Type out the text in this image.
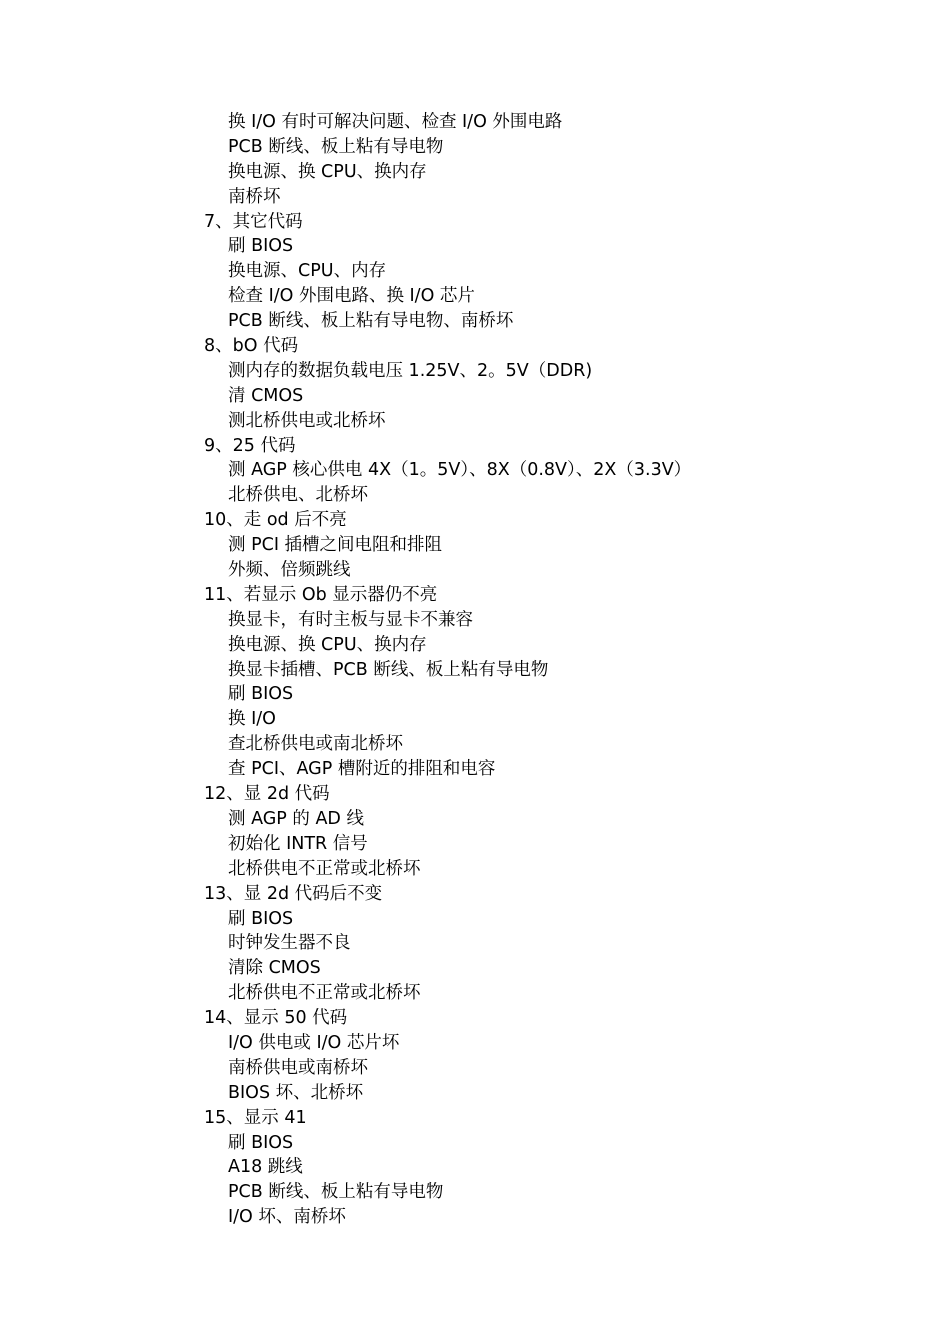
换 I/O 有时可解决问题、检查 I/O 外围电路
PCB 断线、板上粘有导电物
换电源、换 CPU、换内存
南桥坏
7、其它代码
刷 BIOS
换电源、CPU、内存
检查 I/O 外围电路、换 I/O 芯片
PCB 断线、板上粘有导电物、南桥坏
8、bO 代码
测内存的数据负载电压 1.25V、2。5V（DDR)
清 CMOS
测北桥供电或北桥坏
9、25 代码
测 AGP 核心供电 4X（1。5V）、8X（0.8V）、2X（3.3V）
北桥供电、北桥坏
10、走 od 后不亮
测 PCI 插槽之间电阻和排阻
外频、倍频跳线
11、若显示 Ob 显示器仍不亮
换显卡，有时主板与显卡不兼容
换电源、换 CPU、换内存
换显卡插槽、PCB 断线、板上粘有导电物
刷 BIOS
换 I/O
查北桥供电或南北桥坏
查 PCI、AGP 槽附近的排阻和电容
12、显 2d 代码
测 AGP 的 AD 线
初始化 INTR 信号
北桥供电不正常或北桥坏
13、显 2d 代码后不变
刷 BIOS
时钟发生器不良
清除 CMOS
北桥供电不正常或北桥坏
14、显示 50 代码
I/O 供电或 I/O 芯片坏
南桥供电或南桥坏
BIOS 坏、北桥坏
15、显示 41
刷 BIOS
A18 跳线
PCB 断线、板上粘有导电物
I/O 坏、南桥坏
